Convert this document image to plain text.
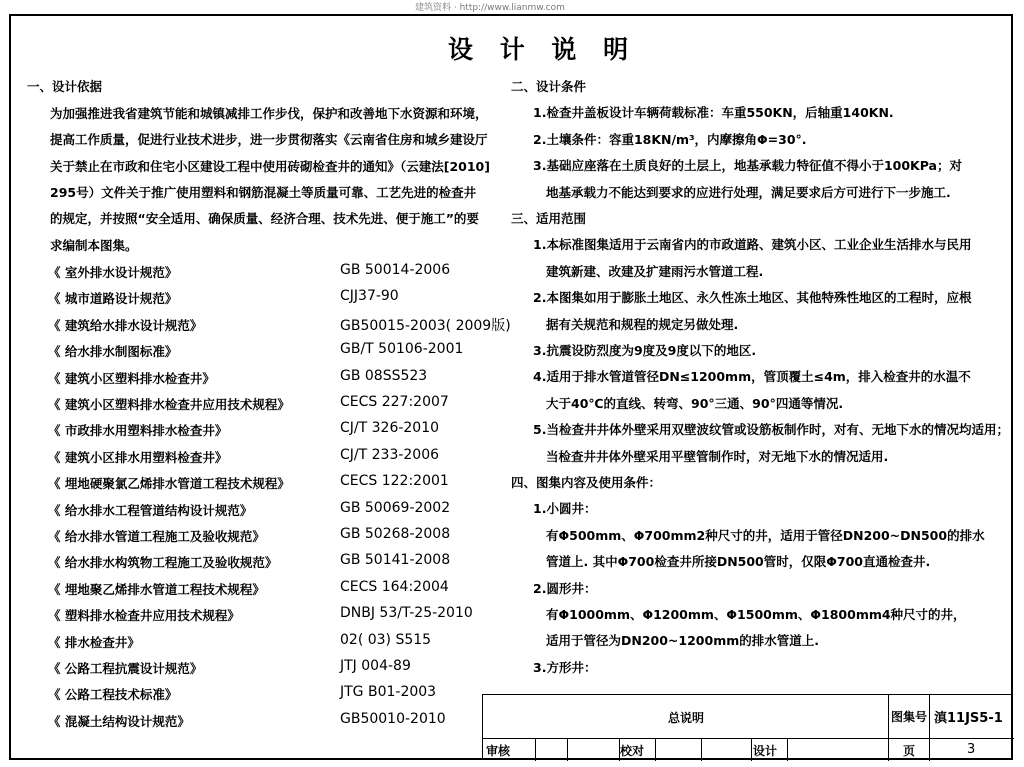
建筑资料 · http://www.lianmw.com
设 计 说 明
一、设计依据
为加强推进我省建筑节能和城镇减排工作步伐，保护和改善地下水资源和环境，
提高工作质量，促进行业技术进步，进一步贯彻落实《云南省住房和城乡建设厅
关于禁止在市政和住宅小区建设工程中使用砖砌检查井的通知》（云建法[2010]
295号）文件关于推广使用塑料和钢筋混凝土等质量可靠、工艺先进的检查井
的规定，并按照“安全适用、确保质量、经济合理、技术先进、便于施工”的要
求编制本图集。
《 室外排水设计规范》	GB 50014-2006
《 城市道路设计规范》	CJJ37-90
《 建筑给水排水设计规范》	GB50015-2003( 2009版)
《 给水排水制图标准》	GB/T 50106-2001
《 建筑小区塑料排水检查井》	GB 08SS523
《 建筑小区塑料排水检查井应用技术规程》	CECS 227:2007
《 市政排水用塑料排水检查井》	CJ/T 326-2010
《 建筑小区排水用塑料检查井》	CJ/T 233-2006
《 埋地硬聚氯乙烯排水管道工程技术规程》	CECS 122:2001
《 给水排水工程管道结构设计规范》	GB 50069-2002
《 给水排水管道工程施工及验收规范》	GB 50268-2008
《 给水排水构筑物工程施工及验收规范》	GB 50141-2008
《 埋地聚乙烯排水管道工程技术规程》	CECS 164:2004
《 塑料排水检查井应用技术规程》	DNBJ 53/T-25-2010
《 排水检查井》	02( 03) S515
《 公路工程抗震设计规范》	JTJ 004-89
《 公路工程技术标准》	JTG B01-2003
《 混凝土结构设计规范》	GB50010-2010
二、设计条件
1.检查井盖板设计车辆荷载标准：车重550KN，后轴重140KN.
2.土壤条件：容重18KN/m³，内摩擦角Φ=30°.
3.基础应座落在土质良好的土层上，地基承载力特征值不得小于100KPa；对
地基承载力不能达到要求的应进行处理，满足要求后方可进行下一步施工.
三、适用范围
1.本标准图集适用于云南省内的市政道路、建筑小区、工业企业生活排水与民用
建筑新建、改建及扩建雨污水管道工程.
2.本图集如用于膨胀土地区、永久性冻土地区、其他特殊性地区的工程时，应根
据有关规范和规程的规定另做处理.
3.抗震设防烈度为9度及9度以下的地区.
4.适用于排水管道管径DN≤1200mm，管顶覆土≤4m，排入检查井的水温不
大于40℃的直线、转弯、90°三通、90°四通等情况.
5.当检查井井体外壁采用双壁波纹管或设筋板制作时，对有、无地下水的情况均适用；
当检查井井体外壁采用平壁管制作时，对无地下水的情况适用.
四、图集内容及使用条件：
1.小圆井：
有Φ500mm、Φ700mm2种尺寸的井，适用于管径DN200~DN500的排水
管道上. 其中Φ700检查井所接DN500管时，仅限Φ700直通检查井.
2.圆形井：
有Φ1000mm、Φ1200mm、Φ1500mm、Φ1800mm4种尺寸的井，
适用于管径为DN200~1200mm的排水管道上.
3.方形井：
总说明	图集号 滇11JS5-1
审核	校对	设计	页	3
